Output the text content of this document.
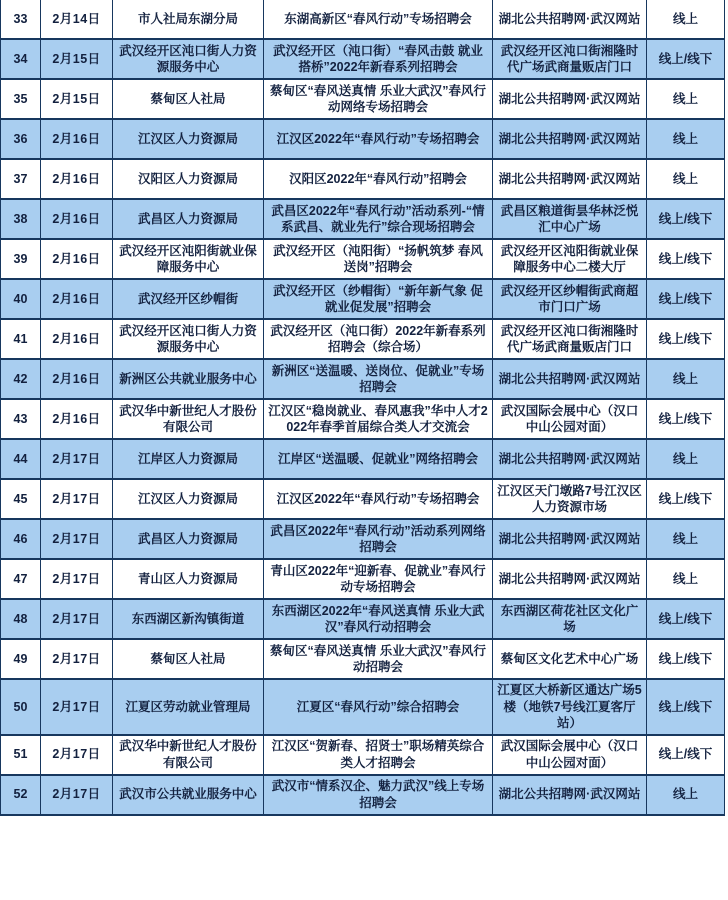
33	2月14日	市人社局东湖分局	东湖高新区“春风行动”专场招聘会	湖北公共招聘网·武汉网站	线上
34	2月15日	武汉经开区沌口街人力资源服务中心	武汉经开区（沌口街）“春风击鼓 就业搭桥”2022年新春系列招聘会	武汉经开区沌口街湘隆时代广场武商量贩店门口	线上/线下
35	2月15日	蔡甸区人社局	蔡甸区“春风送真情 乐业大武汉”春风行动网络专场招聘会	湖北公共招聘网·武汉网站	线上
36	2月16日	江汉区人力资源局	江汉区2022年“春风行动”专场招聘会	湖北公共招聘网·武汉网站	线上
37	2月16日	汉阳区人力资源局	汉阳区2022年“春风行动”招聘会	湖北公共招聘网·武汉网站	线上
38	2月16日	武昌区人力资源局	武昌区2022年“春风行动”活动系列-“情系武昌、就业先行”综合现场招聘会	武昌区粮道街昙华林泛悦汇中心广场	线上/线下
39	2月16日	武汉经开区沌阳街就业保障服务中心	武汉经开区（沌阳街）“扬帆筑梦 春风送岗”招聘会	武汉经开区沌阳街就业保障服务中心二楼大厅	线上/线下
40	2月16日	武汉经开区纱帽街	武汉经开区（纱帽街）“新年新气象 促就业促发展”招聘会	武汉经开区纱帽街武商超市门口广场	线上/线下
41	2月16日	武汉经开区沌口街人力资源服务中心	武汉经开区（沌口街）2022年新春系列招聘会（综合场）	武汉经开区沌口街湘隆时代广场武商量贩店门口	线上/线下
42	2月16日	新洲区公共就业服务中心	新洲区“送温暖、送岗位、促就业”专场招聘会	湖北公共招聘网·武汉网站	线上
43	2月16日	武汉华中新世纪人才股份有限公司	江汉区“稳岗就业、春风惠我”华中人才2022年春季首届综合类人才交流会	武汉国际会展中心（汉口中山公园对面）	线上/线下
44	2月17日	江岸区人力资源局	江岸区“送温暖、促就业”网络招聘会	湖北公共招聘网·武汉网站	线上
45	2月17日	江汉区人力资源局	江汉区2022年“春风行动”专场招聘会	江汉区天门墩路7号江汉区人力资源市场	线上/线下
46	2月17日	武昌区人力资源局	武昌区2022年“春风行动”活动系列网络招聘会	湖北公共招聘网·武汉网站	线上
47	2月17日	青山区人力资源局	青山区2022年“迎新春、促就业”春风行动专场招聘会	湖北公共招聘网·武汉网站	线上
48	2月17日	东西湖区新沟镇街道	东西湖区2022年“春风送真情 乐业大武汉”春风行动招聘会	东西湖区荷花社区文化广场	线上/线下
49	2月17日	蔡甸区人社局	蔡甸区“春风送真情 乐业大武汉”春风行动招聘会	蔡甸区文化艺术中心广场	线上/线下
50	2月17日	江夏区劳动就业管理局	江夏区“春风行动”综合招聘会	江夏区大桥新区通达广场5楼（地铁7号线江夏客厅站）	线上/线下
51	2月17日	武汉华中新世纪人才股份有限公司	江汉区“贺新春、招贤士”职场精英综合类人才招聘会	武汉国际会展中心（汉口中山公园对面）	线上/线下
52	2月17日	武汉市公共就业服务中心	武汉市“情系汉企、魅力武汉”线上专场招聘会	湖北公共招聘网·武汉网站	线上
